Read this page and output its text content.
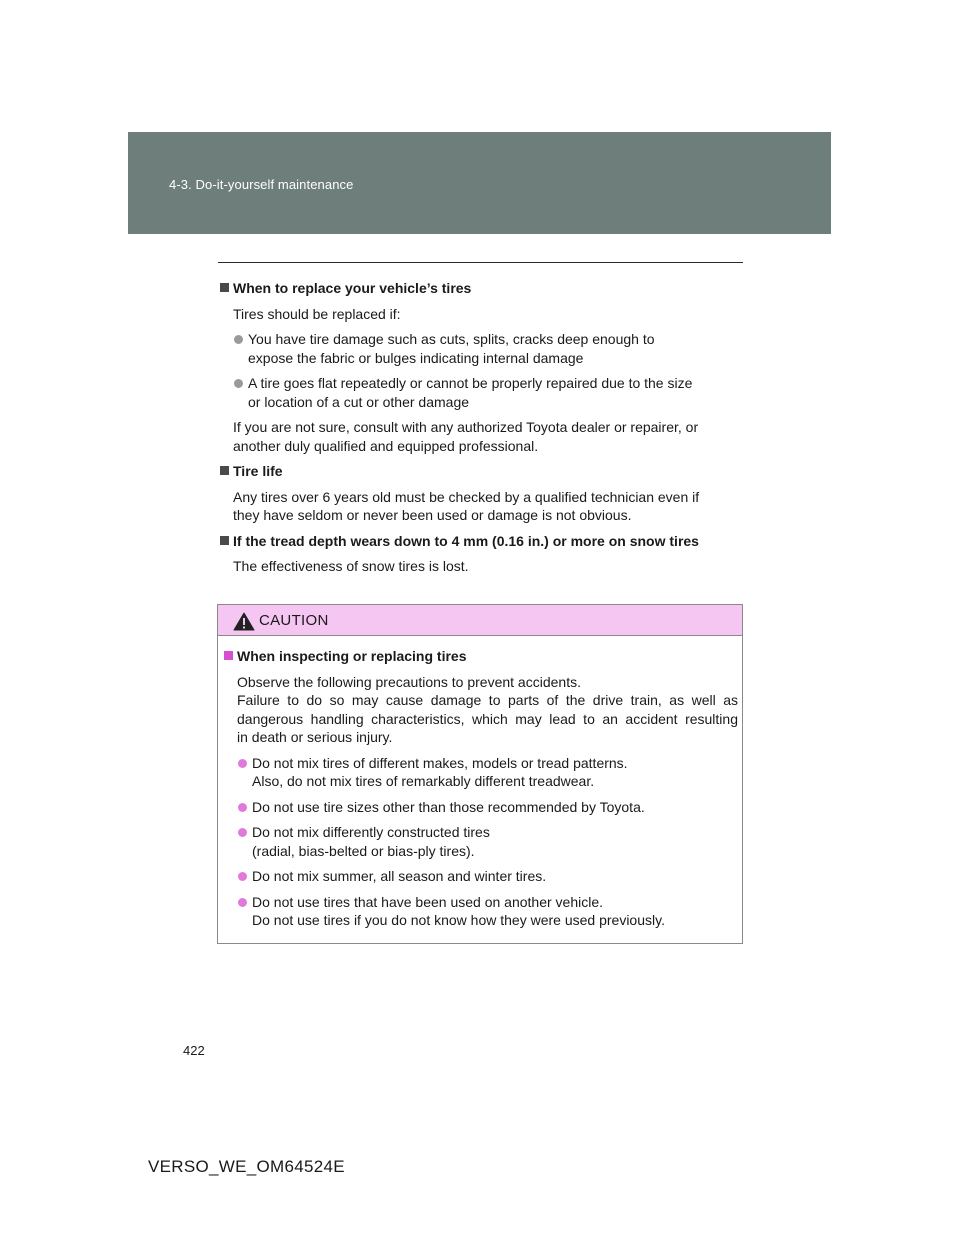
4-3. Do-it-yourself maintenance
When to replace your vehicle’s tires
Tires should be replaced if:
You have tire damage such as cuts, splits, cracks deep enough to
expose the fabric or bulges indicating internal damage
A tire goes flat repeatedly or cannot be properly repaired due to the size
or location of a cut or other damage
If you are not sure, consult with any authorized Toyota dealer or repairer, or
another duly qualified and equipped professional.
Tire life
Any tires over 6 years old must be checked by a qualified technician even if
they have seldom or never been used or damage is not obvious.
If the tread depth wears down to 4 mm (0.16 in.) or more on snow tires
The effectiveness of snow tires is lost.
CAUTION
When inspecting or replacing tires
Observe the following precautions to prevent accidents.
Failure to do so may cause damage to parts of the drive train, as well as
dangerous handling characteristics, which may lead to an accident resulting
in death or serious injury.
Do not mix tires of different makes, models or tread patterns.
Also, do not mix tires of remarkably different treadwear.
Do not use tire sizes other than those recommended by Toyota.
Do not mix differently constructed tires
(radial, bias-belted or bias-ply tires).
Do not mix summer, all season and winter tires.
Do not use tires that have been used on another vehicle.
Do not use tires if you do not know how they were used previously.
422
VERSO_WE_OM64524E
